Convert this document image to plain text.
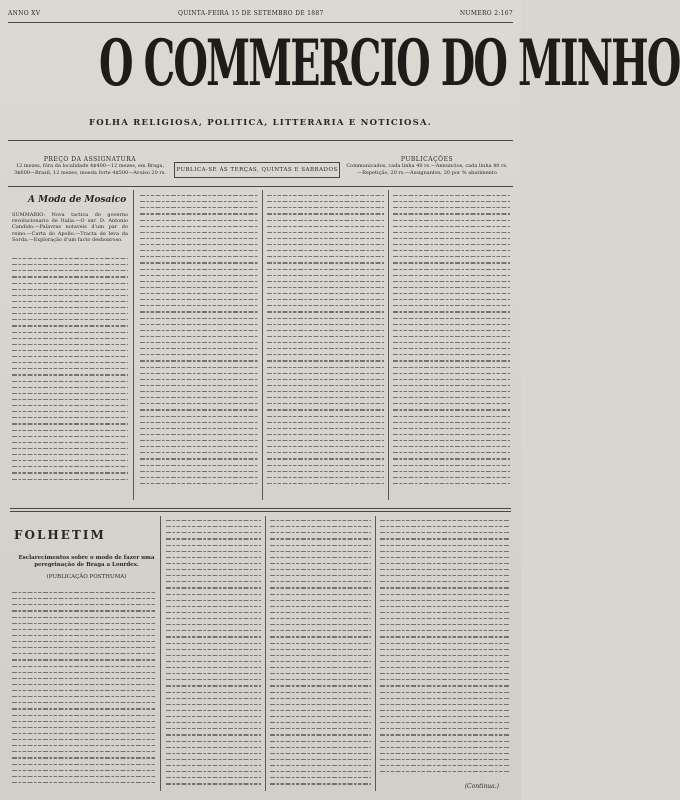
ANNO XV	QUINTA-FEIRA 15 DE SETEMBRO DE 1887	NUMERO 2:167
O COMMERCIO DO MINHO
FOLHA RELIGIOSA, POLITICA, LITTERARIA E NOTICIOSA.
PREÇO DA ASSIGNATURA
12 mezes, fóra da localidade 4$400—12 mezes, em Braga, 3$600—Brazil, 12 mezes, moeda forte 4$500—Avulso 20 rs.	PUBLICA-SE ÀS TERÇAS, QUINTAS E SABBADOS
PUBLICAÇÕES
Communicados, cada linha 40 rs.—Annuncios, cada linha 40 rs.—Repetição, 20 rs.—Assignantes, 20 por % abatimento
A Moda de Mosaico
SUMMARIO: Nova tactica do governo revolucionario de Italia.—O snr. D. Antonio Candido.—Palavras notaveis d'um par do reino.—Carta do Apollo.—Tracta de leva da Sorda.—Exploração d'um facto deshonroso.
FOLHETIM
Esclarecimentos sobre o modo de fazer uma peregrinação de Braga a Lourdes.
(PUBLICAÇÃO POSTHUMA)
(Continua.)
